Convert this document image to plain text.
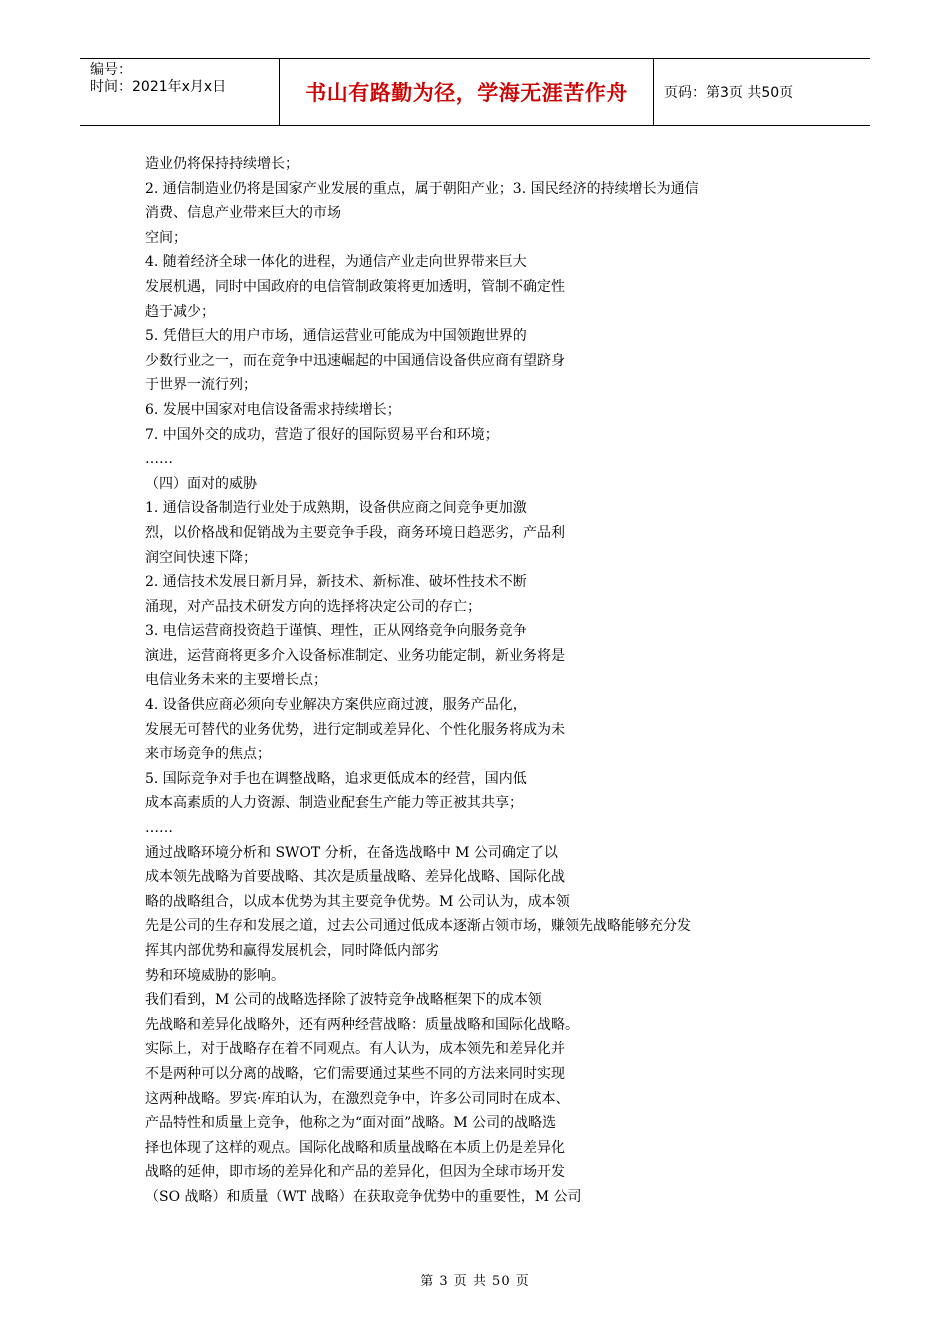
编号：
时间：2021年x月x日	书山有路勤为径，学海无涯苦作舟	页码：第3页 共50页
造业仍将保持持续增长；
2. 通信制造业仍将是国家产业发展的重点，属于朝阳产业；3. 国民经济的持续增长为通信
消费、信息产业带来巨大的市场
空间；
4. 随着经济全球一体化的进程，为通信产业走向世界带来巨大
发展机遇，同时中国政府的电信管制政策将更加透明，管制不确定性
趋于减少；
5. 凭借巨大的用户市场，通信运营业可能成为中国领跑世界的
少数行业之一，而在竞争中迅速崛起的中国通信设备供应商有望跻身
于世界一流行列；
6. 发展中国家对电信设备需求持续增长；
7. 中国外交的成功，营造了很好的国际贸易平台和环境；
……
（四）面对的威胁
1. 通信设备制造行业处于成熟期，设备供应商之间竞争更加激
烈，以价格战和促销战为主要竞争手段，商务环境日趋恶劣，产品利
润空间快速下降；
2. 通信技术发展日新月异，新技术、新标准、破坏性技术不断
涌现，对产品技术研发方向的选择将决定公司的存亡；
3. 电信运营商投资趋于谨慎、理性，正从网络竞争向服务竞争
演进，运营商将更多介入设备标准制定、业务功能定制，新业务将是
电信业务未来的主要增长点；
4. 设备供应商必须向专业解决方案供应商过渡，服务产品化，
发展无可替代的业务优势，进行定制或差异化、个性化服务将成为未
来市场竞争的焦点；
5. 国际竞争对手也在调整战略，追求更低成本的经营，国内低
成本高素质的人力资源、制造业配套生产能力等正被其共享；
……
通过战略环境分析和 SWOT 分析，在备选战略中 M 公司确定了以
成本领先战略为首要战略、其次是质量战略、差异化战略、国际化战
略的战略组合，以成本优势为其主要竞争优势。M 公司认为，成本领
先是公司的生存和发展之道，过去公司通过低成本逐渐占领市场，赚领先战略能够充分发
挥其内部优势和赢得发展机会，同时降低内部劣
势和环境威胁的影响。
我们看到，M 公司的战略选择除了波特竞争战略框架下的成本领
先战略和差异化战略外，还有两种经营战略：质量战略和国际化战略。
实际上，对于战略存在着不同观点。有人认为，成本领先和差异化并
不是两种可以分离的战略，它们需要通过某些不同的方法来同时实现
这两种战略。罗宾·库珀认为，在激烈竞争中，许多公司同时在成本、
产品特性和质量上竞争，他称之为“面对面”战略。M 公司的战略选
择也体现了这样的观点。国际化战略和质量战略在本质上仍是差异化
战略的延伸，即市场的差异化和产品的差异化，但因为全球市场开发
（SO 战略）和质量（WT 战略）在获取竞争优势中的重要性，M 公司
第 3 页 共 50 页
